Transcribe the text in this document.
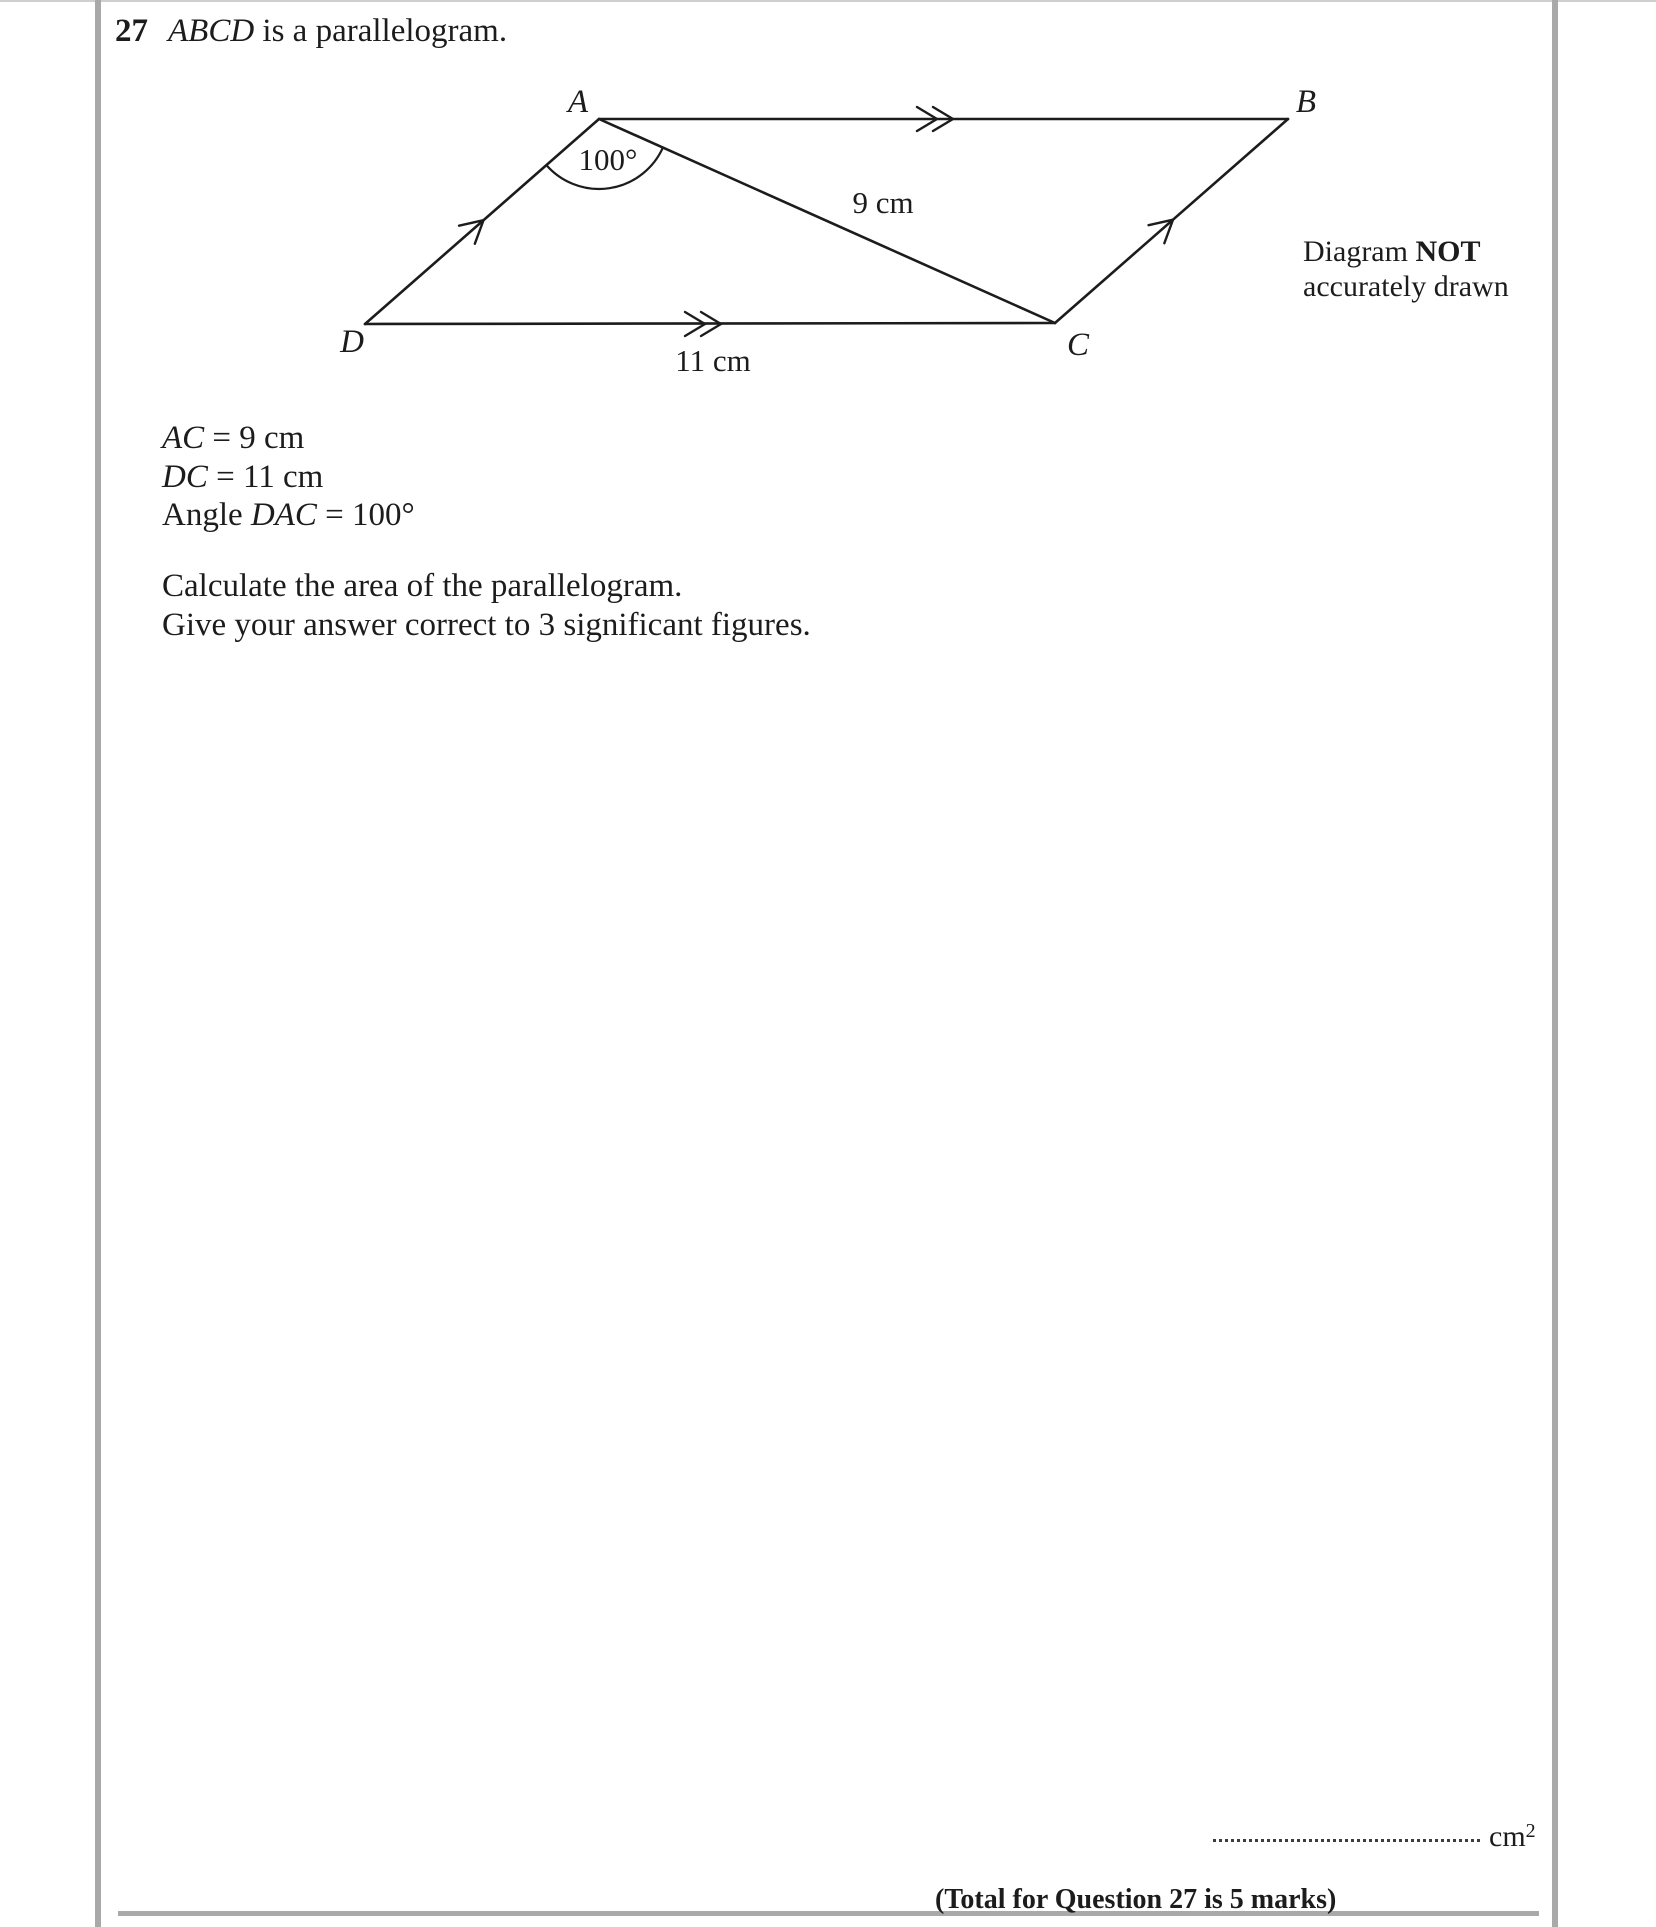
27 ABCD is a parallelogram.
A	B
C
D
100°
9 cm
11 cm
Diagram NOT
accurately drawn
AC = 9 cm
DC = 11 cm
Angle DAC = 100°
Calculate the area of the parallelogram.
Give your answer correct to 3 significant figures.
$cm^2$
(Total for Question 27 is 5 marks)
